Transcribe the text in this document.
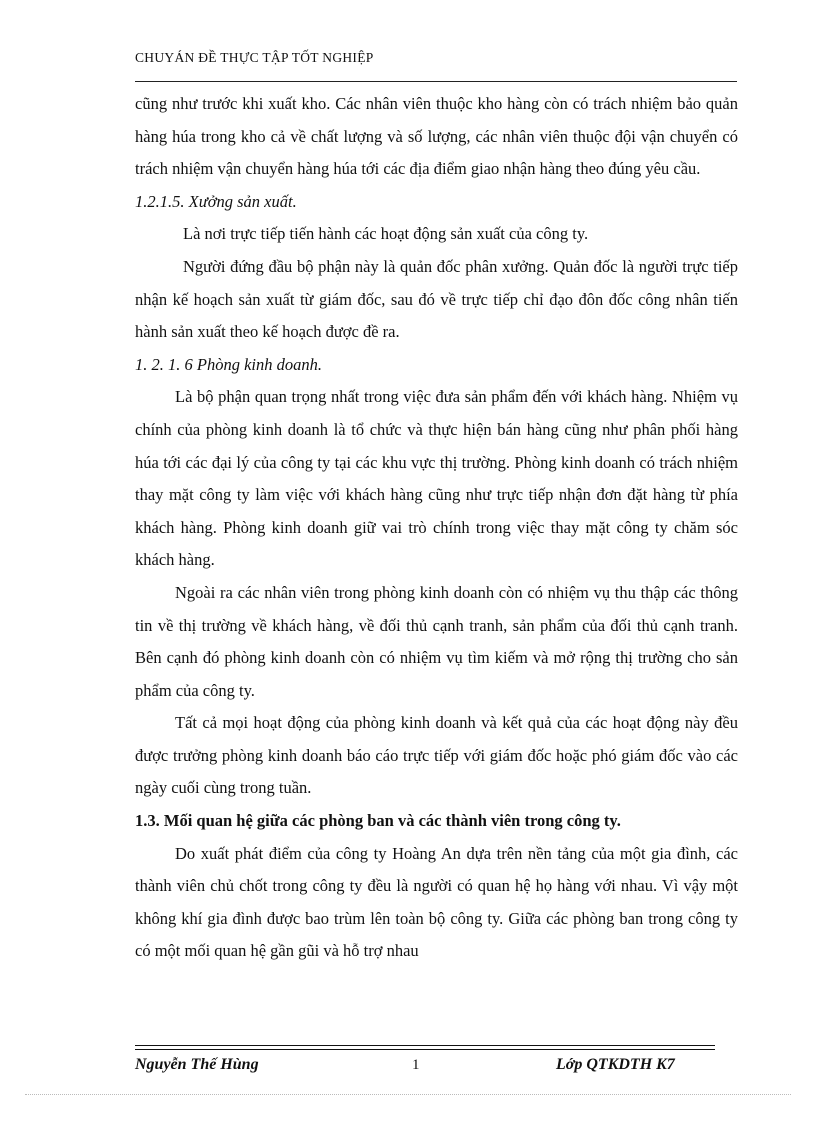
CHUYÁN ĐỀ THỰC TẬP TỐT NGHIỆP

cũng như trước khi xuất kho. Các nhân viên thuộc kho hàng còn có trách nhiệm bảo quản hàng húa trong kho cả về chất lượng và số lượng, các nhân viên thuộc đội vận chuyển có trách nhiệm vận chuyển hàng húa tới các địa điểm giao nhận hàng theo đúng yêu cầu.

1.2.1.5. Xưởng sản xuất.

Là nơi trực tiếp tiến hành các hoạt động sản xuất của công ty.

Người đứng đầu bộ phận này là quản đốc phân xưởng. Quản đốc là người trực tiếp nhận kế hoạch sản xuất từ giám đốc, sau đó về trực tiếp chỉ đạo đôn đốc công nhân tiến hành sản xuất theo kế hoạch được đề ra.

1. 2. 1. 6 Phòng kinh doanh.

Là bộ phận quan trọng nhất trong việc đưa sản phẩm đến với khách hàng. Nhiệm vụ chính của phòng kinh doanh là tổ chức và thực hiện bán hàng cũng như phân phối hàng húa tới các đại lý của công ty tại các khu vực thị trường. Phòng kinh doanh có trách nhiệm thay mặt công ty làm việc với khách hàng cũng như trực tiếp nhận đơn đặt hàng từ phía khách hàng. Phòng kinh doanh giữ vai trò chính trong việc thay mặt công ty chăm sóc khách hàng.

Ngoài ra các nhân viên trong phòng kinh doanh còn có nhiệm vụ thu thập các thông tin về thị trường về khách hàng, về đối thủ cạnh tranh, sản phẩm của đối thủ cạnh tranh. Bên cạnh đó phòng kinh doanh còn có nhiệm vụ tìm kiếm và mở rộng thị trường cho sản phẩm của công ty.

Tất cả mọi hoạt động của phòng kinh doanh và kết quả của các hoạt động này đều được trưởng phòng kinh doanh báo cáo trực tiếp với giám đốc hoặc phó giám đốc vào các ngày cuối cùng trong tuần.

1.3. Mối quan hệ giữa các phòng ban và các thành viên trong công ty.

Do xuất phát điểm của công ty Hoàng An dựa trên nền tảng của một gia đình, các thành viên chủ chốt trong công ty đều là người có quan hệ họ hàng với nhau. Vì vậy một không khí gia đình được bao trùm lên toàn bộ công ty. Giữa các phòng ban trong công ty có một mối quan hệ gần gũi và hỗ trợ nhau

Nguyễn Thế Hùng	1	Lớp QTKDTH K7
